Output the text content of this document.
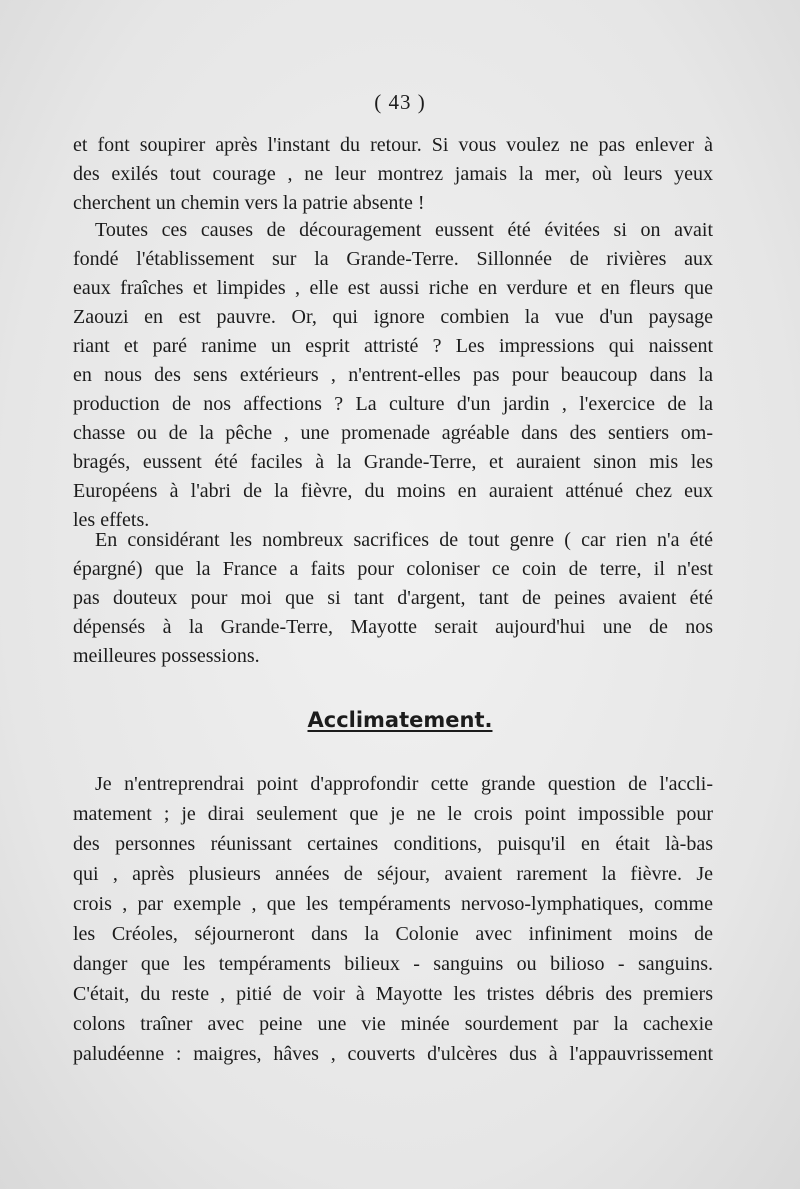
( 43 )
et font soupirer après l'instant du retour. Si vous voulez ne pas enlever à
des exilés tout courage , ne leur montrez jamais la mer, où leurs yeux
cherchent un chemin vers la patrie absente !
Toutes ces causes de découragement eussent été évitées si on avait
fondé l'établissement sur la Grande-Terre. Sillonnée de rivières aux
eaux fraîches et limpides , elle est aussi riche en verdure et en fleurs que
Zaouzi en est pauvre. Or, qui ignore combien la vue d'un paysage
riant et paré ranime un esprit attristé ? Les impressions qui naissent
en nous des sens extérieurs , n'entrent-elles pas pour beaucoup dans la
production de nos affections ? La culture d'un jardin , l'exercice de la
chasse ou de la pêche , une promenade agréable dans des sentiers om-
bragés, eussent été faciles à la Grande-Terre, et auraient sinon mis les
Européens à l'abri de la fièvre, du moins en auraient atténué chez eux
les effets.
En considérant les nombreux sacrifices de tout genre ( car rien n'a été
épargné) que la France a faits pour coloniser ce coin de terre, il n'est
pas douteux pour moi que si tant d'argent, tant de peines avaient été
dépensés à la Grande-Terre, Mayotte serait aujourd'hui une de nos
meilleures possessions.
Acclimatement.
Je n'entreprendrai point d'approfondir cette grande question de l'accli-
matement ; je dirai seulement que je ne le crois point impossible pour
des personnes réunissant certaines conditions, puisqu'il en était là-bas
qui , après plusieurs années de séjour, avaient rarement la fièvre. Je
crois , par exemple , que les tempéraments nervoso-lymphatiques, comme
les Créoles, séjourneront dans la Colonie avec infiniment moins de
danger que les tempéraments bilieux - sanguins ou bilioso - sanguins.
C'était, du reste , pitié de voir à Mayotte les tristes débris des premiers
colons traîner avec peine une vie minée sourdement par la cachexie
paludéenne : maigres, hâves , couverts d'ulcères dus à l'appauvrissement
